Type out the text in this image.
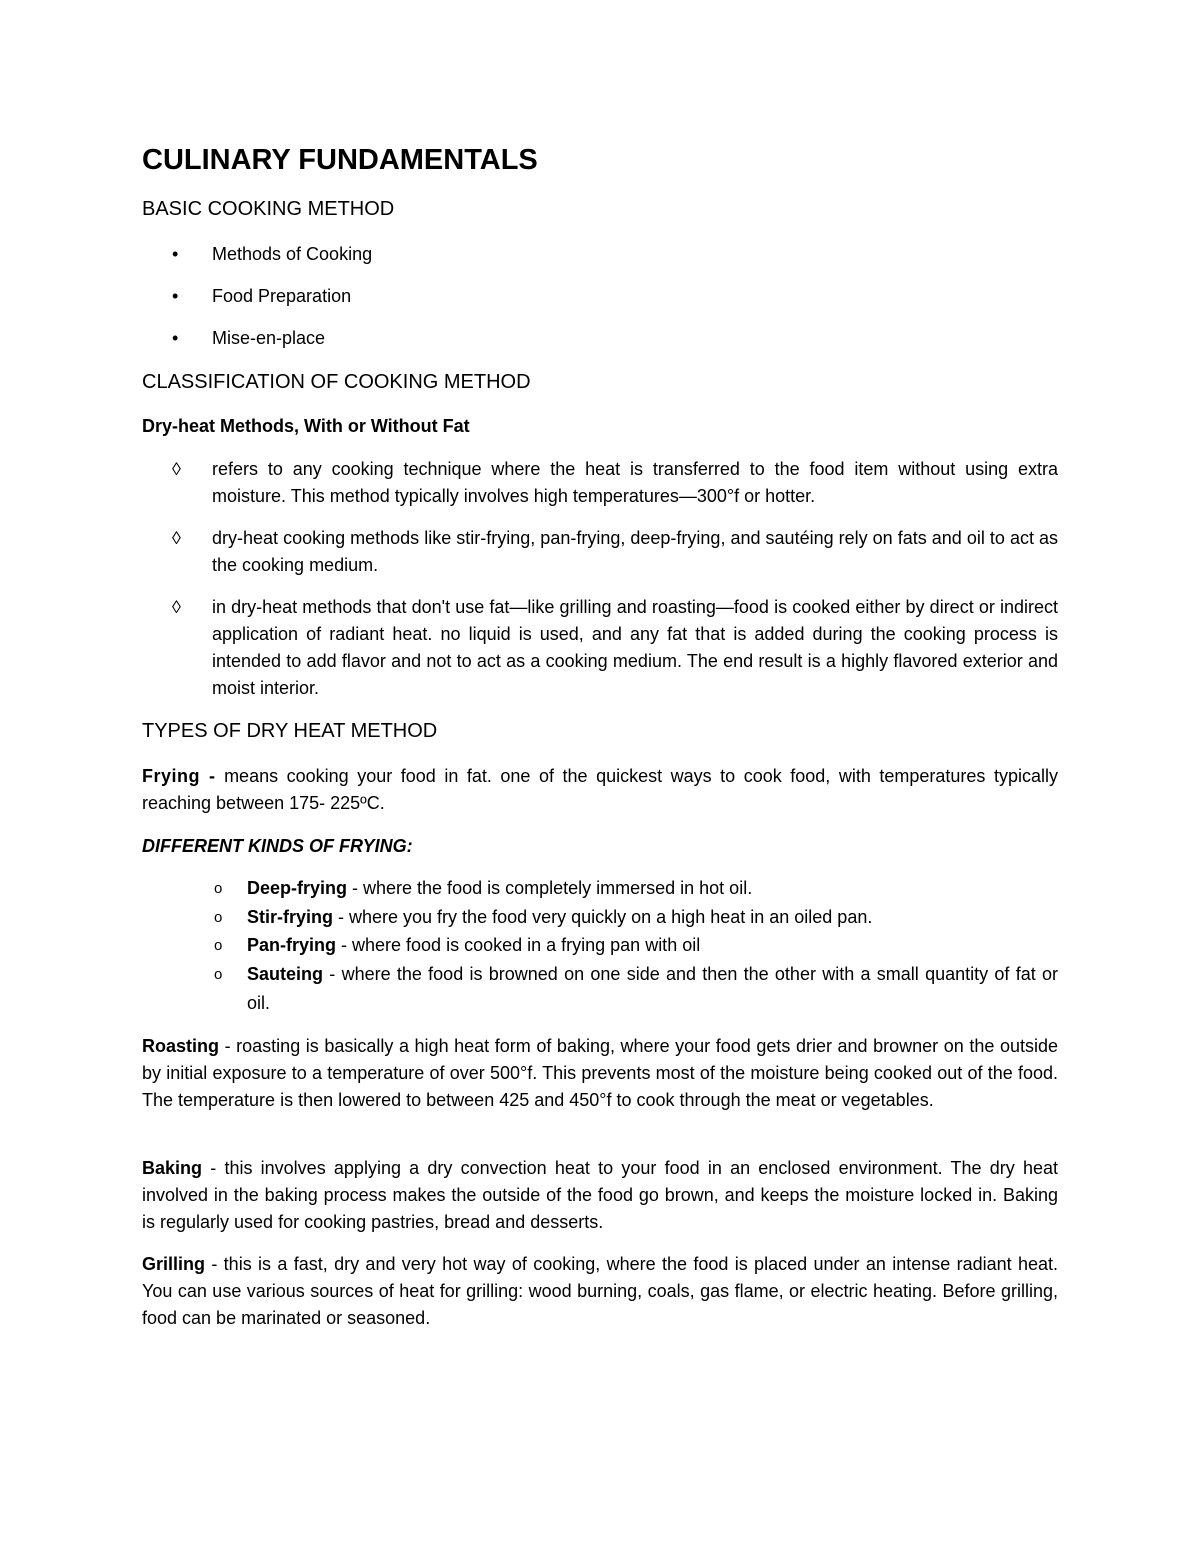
CULINARY FUNDAMENTALS
BASIC COOKING METHOD
•	Methods of Cooking
•	Food Preparation
•	Mise-en-place
CLASSIFICATION OF COOKING METHOD
Dry-heat Methods, With or Without Fat
◊	refers to any cooking technique where the heat is transferred to the food item without using extra moisture. This method typically involves high temperatures—300°f or hotter.
◊	dry-heat cooking methods like stir-frying, pan-frying, deep-frying, and sautéing rely on fats and oil to act as the cooking medium.
◊	in dry-heat methods that don't use fat—like grilling and roasting—food is cooked either by direct or indirect application of radiant heat. no liquid is used, and any fat that is added during the cooking process is intended to add flavor and not to act as a cooking medium. The end result is a highly flavored exterior and moist interior.
TYPES OF DRY HEAT METHOD

Frying - means cooking your food in fat. one of the quickest ways to cook food, with temperatures typically reaching between 175- 225ºC.

DIFFERENT KINDS OF FRYING:
o Deep-frying - where the food is completely immersed in hot oil.
o Stir-frying - where you fry the food very quickly on a high heat in an oiled pan.
o Pan-frying - where food is cooked in a frying pan with oil
o Sauteing - where the food is browned on one side and then the other with a small quantity of fat or oil.

Roasting - roasting is basically a high heat form of baking, where your food gets drier and browner on the outside by initial exposure to a temperature of over 500°f. This prevents most of the moisture being cooked out of the food. The temperature is then lowered to between 425 and 450°f to cook through the meat or vegetables.

Baking - this involves applying a dry convection heat to your food in an enclosed environment. The dry heat involved in the baking process makes the outside of the food go brown, and keeps the moisture locked in. Baking is regularly used for cooking pastries, bread and desserts.

Grilling - this is a fast, dry and very hot way of cooking, where the food is placed under an intense radiant heat. You can use various sources of heat for grilling: wood burning, coals, gas flame, or electric heating. Before grilling, food can be marinated or seasoned.
